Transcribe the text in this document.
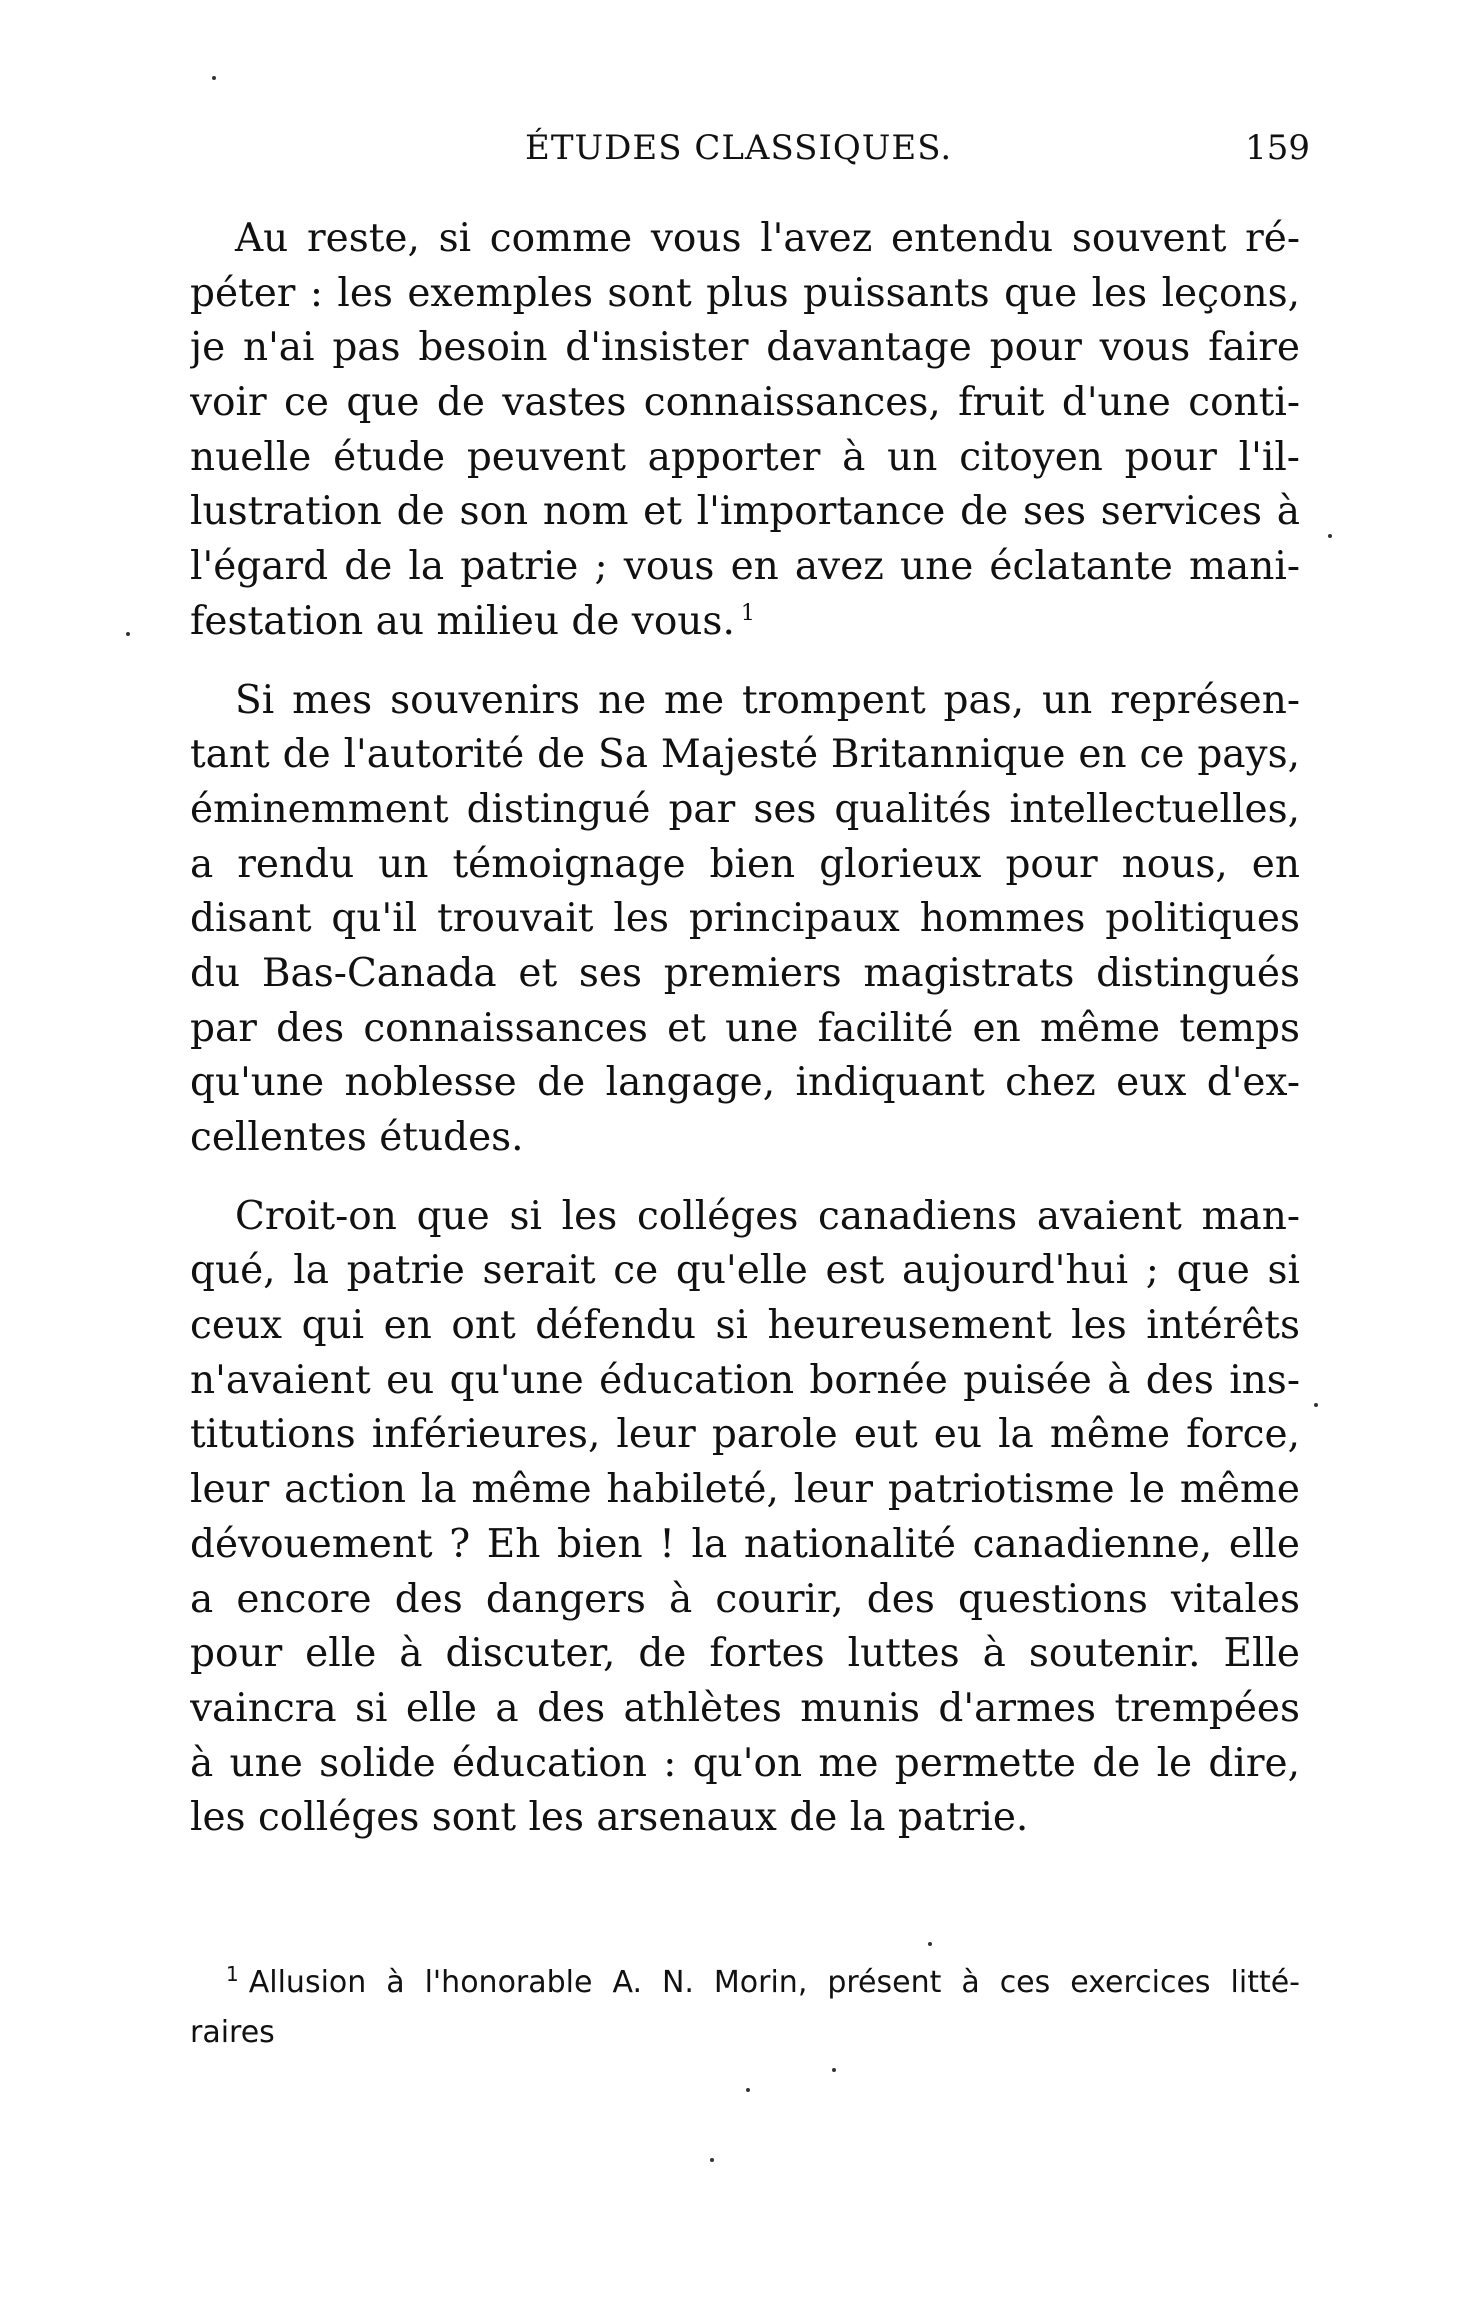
ÉTUDES CLASSIQUES.	159

Au reste, si comme vous l'avez entendu souvent ré-
péter : les exemples sont plus puissants que les leçons,
je n'ai pas besoin d'insister davantage pour vous faire
voir ce que de vastes connaissances, fruit d'une conti-
nuelle étude peuvent apporter à un citoyen pour l'il-
lustration de son nom et l'importance de ses services à
l'égard de la patrie ; vous en avez une éclatante mani-
festation au milieu de vous. $^1$

Si mes souvenirs ne me trompent pas, un représen-
tant de l'autorité de Sa Majesté Britannique en ce pays,
éminemment distingué par ses qualités intellectuelles,
a rendu un témoignage bien glorieux pour nous, en
disant qu'il trouvait les principaux hommes politiques
du Bas-Canada et ses premiers magistrats distingués
par des connaissances et une facilité en même temps
qu'une noblesse de langage, indiquant chez eux d'ex-
cellentes études.

Croit-on que si les colléges canadiens avaient man-
qué, la patrie serait ce qu'elle est aujourd'hui ; que si
ceux qui en ont défendu si heureusement les intérêts
n'avaient eu qu'une éducation bornée puisée à des ins-
titutions inférieures, leur parole eut eu la même force,
leur action la même habileté, leur patriotisme le même
dévouement ? Eh bien ! la nationalité canadienne, elle
a encore des dangers à courir, des questions vitales
pour elle à discuter, de fortes luttes à soutenir. Elle
vaincra si elle a des athlètes munis d'armes trempées
à une solide éducation : qu'on me permette de le dire,
les colléges sont les arsenaux de la patrie.

$^1$ Allusion à l'honorable A. N. Morin, présent à ces exercices litté-
raires
